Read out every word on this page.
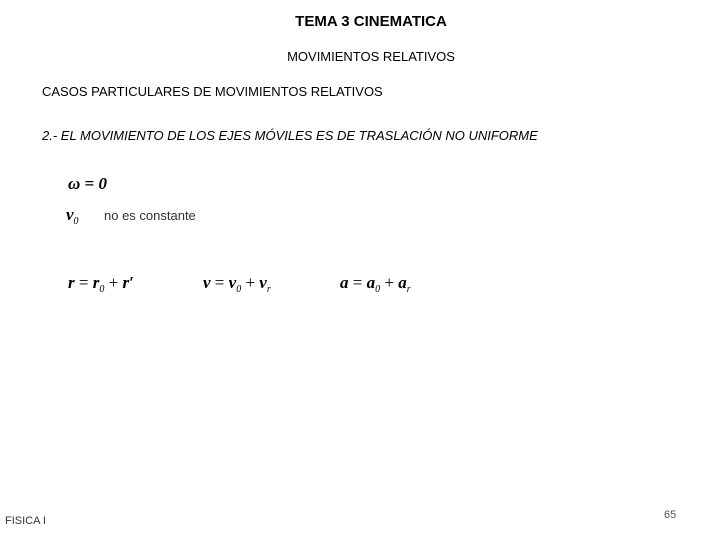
TEMA 3 CINEMATICA
MOVIMIENTOS RELATIVOS
CASOS PARTICULARES DE MOVIMIENTOS RELATIVOS
2.- EL MOVIMIENTO DE LOS EJES MÓVILES ES DE TRASLACIÓN NO UNIFORME
ω = 0
$v_0$ no es constante
$r = r_0 + r'$	$v = v_0 + v_r$	$a = a_0 + a_r$
FISICA I	65
